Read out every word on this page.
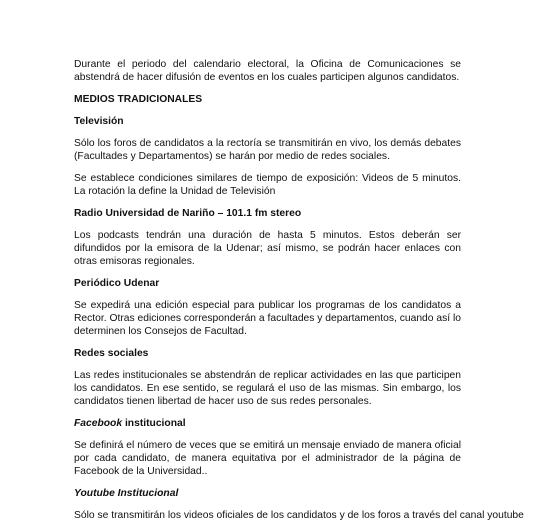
Durante el periodo del calendario electoral, la Oficina de Comunicaciones se abstendrá de hacer difusión de eventos en los cuales participen algunos candidatos.

MEDIOS TRADICIONALES

Televisión

Sólo los foros de candidatos a la rectoría se transmitirán en vivo, los demás debates (Facultades y Departamentos) se harán por medio de redes sociales.

Se establece condiciones similares de tiempo de exposición: Videos de 5 minutos. La rotación la define la Unidad de Televisión

Radio Universidad de Nariño – 101.1 fm stereo

Los podcasts tendrán una duración de hasta 5 minutos. Estos deberán ser difundidos por la emisora de la Udenar; así mismo, se podrán hacer enlaces con otras emisoras regionales.

Periódico Udenar

Se expedirá una edición especial para publicar los programas de los candidatos a Rector. Otras ediciones corresponderán a facultades y departamentos, cuando así lo determinen los Consejos de Facultad.

Redes sociales

Las redes institucionales se abstendrán de replicar actividades en las que participen los candidatos. En ese sentido, se regulará el uso de las mismas. Sin embargo, los candidatos tienen libertad de hacer uso de sus redes personales.

Facebook institucional

Se definirá el número de veces que se emitirá un mensaje enviado de manera oficial por cada candidato, de manera equitativa por el administrador de la página de Facebook de la Universidad..

Youtube Institucional

Sólo se transmitirán los videos oficiales de los candidatos y de los foros a través del canal youtube
